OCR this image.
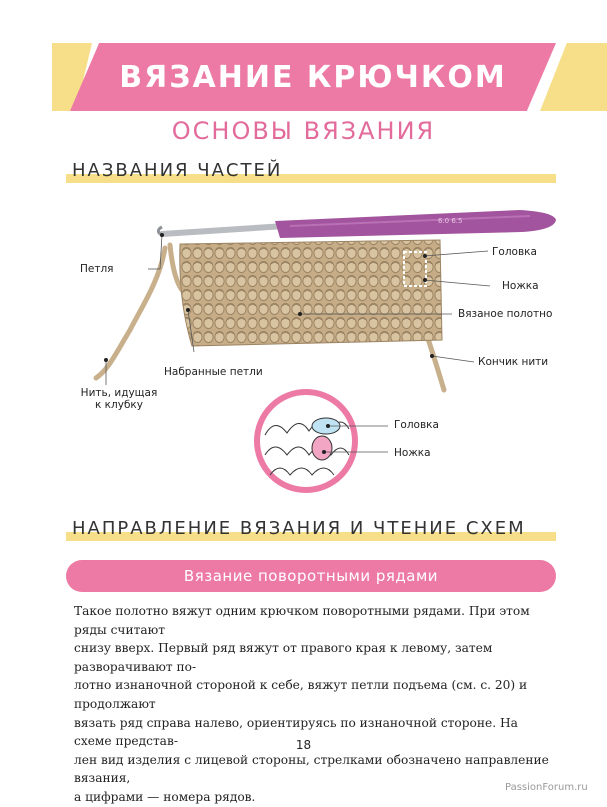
ВЯЗАНИЕ КРЮЧКОМ
ОСНОВЫ ВЯЗАНИЯ
НАЗВАНИЯ ЧАСТЕЙ
6.0 6.5
Петля
Головка
Ножка
Вязаное полотно
Кончик нити
Набранные петли
Нить, идущая
к клубку
Головка
Ножка
НАПРАВЛЕНИЕ ВЯЗАНИЯ И ЧТЕНИЕ СХЕМ
Вязание поворотными рядами
Такое полотно вяжут одним крючком поворотными рядами. При этом ряды считают
снизу вверх. Первый ряд вяжут от правого края к левому, затем разворачивают по-
лотно изнаночной стороной к себе, вяжут петли подъема (см. с. 20) и продолжают
вязать ряд справа налево, ориентируясь по изнаночной стороне. На схеме представ-
лен вид изделия с лицевой стороны, стрелками обозначено направление вязания,
а цифрами — номера рядов.
18
PassionForum.ru
